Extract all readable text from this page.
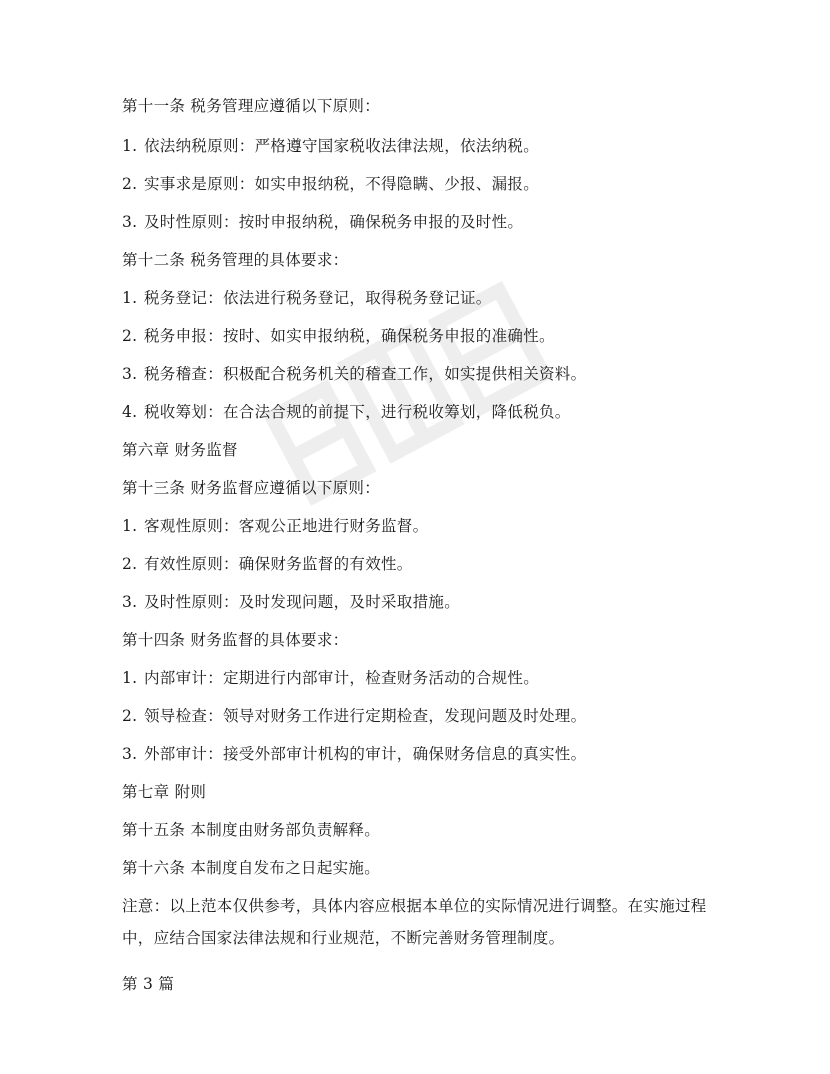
第十一条 税务管理应遵循以下原则：
1. 依法纳税原则：严格遵守国家税收法律法规，依法纳税。
2. 实事求是原则：如实申报纳税，不得隐瞒、少报、漏报。
3. 及时性原则：按时申报纳税，确保税务申报的及时性。
第十二条 税务管理的具体要求：
1. 税务登记：依法进行税务登记，取得税务登记证。
2. 税务申报：按时、如实申报纳税，确保税务申报的准确性。
3. 税务稽查：积极配合税务机关的稽查工作，如实提供相关资料。
4. 税收筹划：在合法合规的前提下，进行税收筹划，降低税负。
第六章 财务监督
第十三条 财务监督应遵循以下原则：
1. 客观性原则：客观公正地进行财务监督。
2. 有效性原则：确保财务监督的有效性。
3. 及时性原则：及时发现问题，及时采取措施。
第十四条 财务监督的具体要求：
1. 内部审计：定期进行内部审计，检查财务活动的合规性。
2. 领导检查：领导对财务工作进行定期检查，发现问题及时处理。
3. 外部审计：接受外部审计机构的审计，确保财务信息的真实性。
第七章 附则
第十五条 本制度由财务部负责解释。
第十六条 本制度自发布之日起实施。
注意：以上范本仅供参考，具体内容应根据本单位的实际情况进行调整。在实施过程中，应结合国家法律法规和行业规范，不断完善财务管理制度。
第 3 篇
